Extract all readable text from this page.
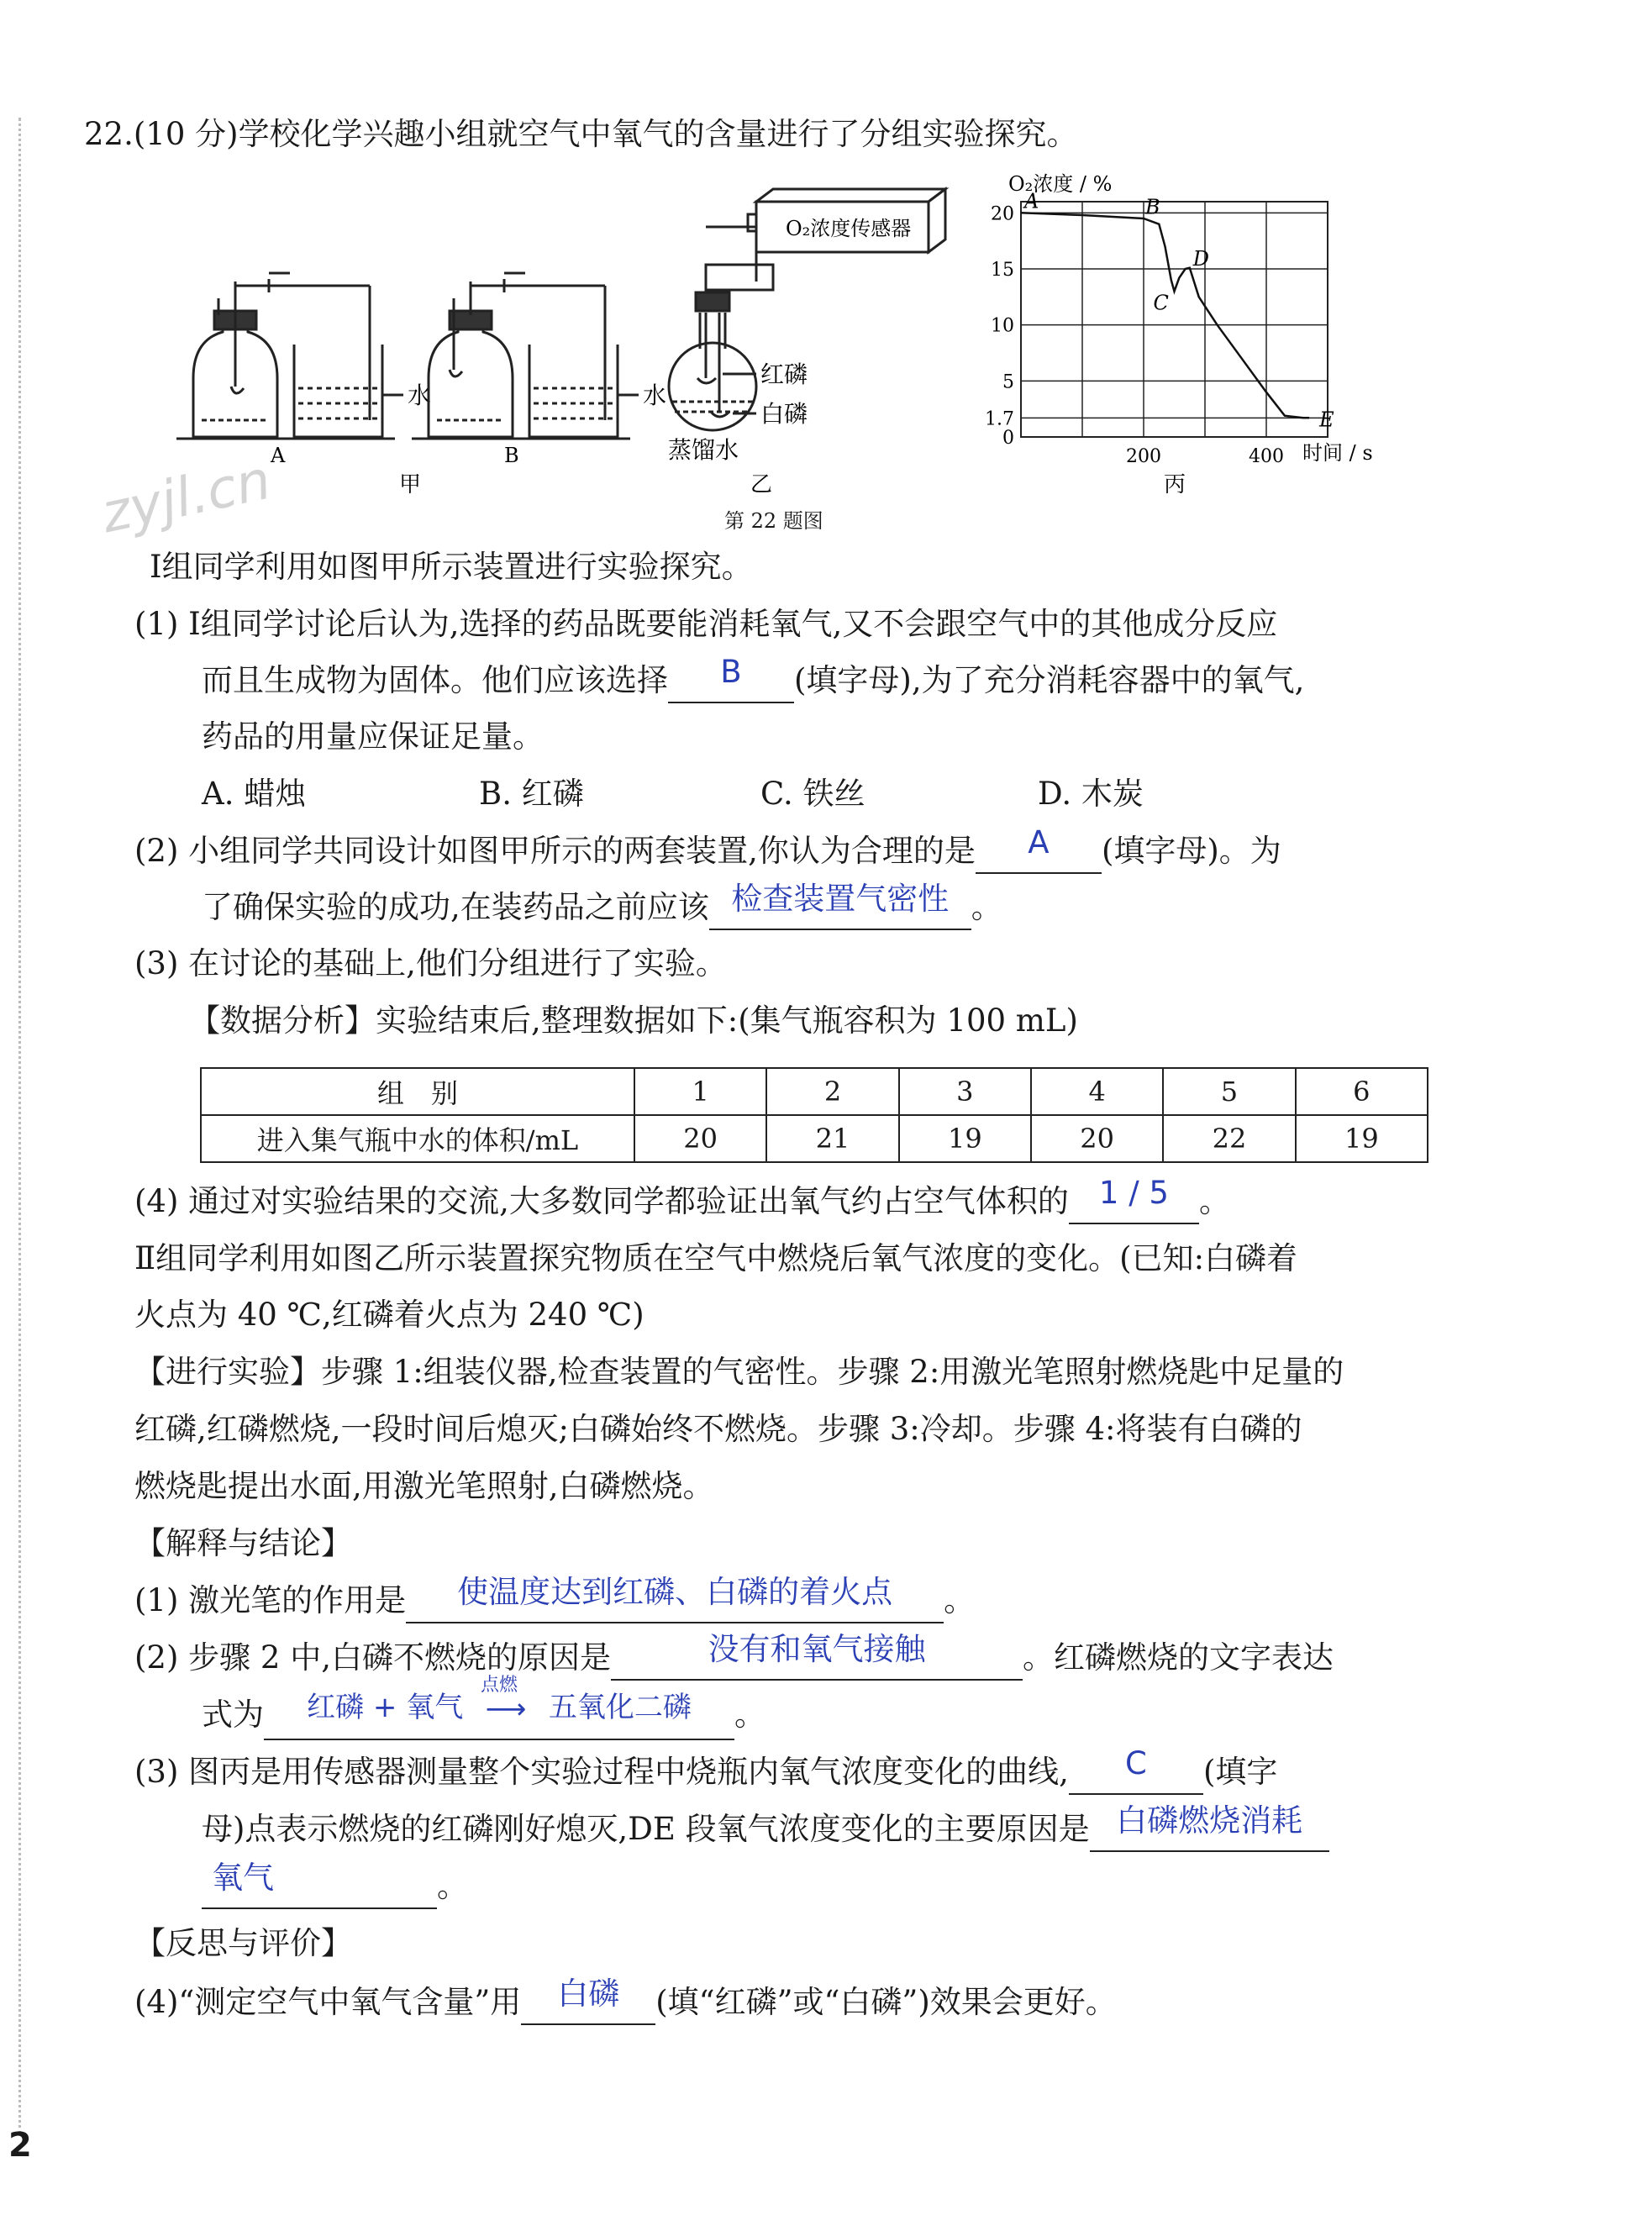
22.(10 分)学校化学兴趣小组就空气中氧气的含量进行了分组实验探究。
水
A
水
B
甲
O₂浓度传感器
红磷
白磷
蒸馏水
乙
zyjl.cn
O₂浓度 / %
时间 / s
丙
20
15
10
5
1.7
0
200	400
A	B
C
D
E
第 22 题图
Ⅰ组同学利用如图甲所示装置进行实验探究。
(1) Ⅰ组同学讨论后认为,选择的药品既要能消耗氧气,又不会跟空气中的其他成分反应
而且生成物为固体。他们应该选择 B (填字母),为了充分消耗容器中的氧气,
药品的用量应保证足量。
A. 蜡烛	B. 红磷	C. 铁丝	D. 木炭
(2) 小组同学共同设计如图甲所示的两套装置,你认为合理的是 A (填字母)。为
了确保实验的成功,在装药品之前应该 检查装置气密性 。
(3) 在讨论的基础上,他们分组进行了实验。
【数据分析】实验结束后,整理数据如下:(集气瓶容积为 100 mL)
组　别	1	2	3	4	5	6
进入集气瓶中水的体积/mL	20	21	19	20	22	19
(4) 通过对实验结果的交流,大多数同学都验证出氧气约占空气体积的 1 / 5 。
Ⅱ组同学利用如图乙所示装置探究物质在空气中燃烧后氧气浓度的变化。(已知:白磷着
火点为 40 ℃,红磷着火点为 240 ℃)
【进行实验】步骤 1:组装仪器,检查装置的气密性。步骤 2:用激光笔照射燃烧匙中足量的
红磷,红磷燃烧,一段时间后熄灭;白磷始终不燃烧。步骤 3:冷却。步骤 4:将装有白磷的
燃烧匙提出水面,用激光笔照射,白磷燃烧。
【解释与结论】
(1) 激光笔的作用是 使温度达到红磷、白磷的着火点 。
(2) 步骤 2 中,白磷不燃烧的原因是	没有和氧气接触	。红磷燃烧的文字表达
式为 红磷 + 氧气
点燃
⟶ 五氧化二磷 。
(3) 图丙是用传感器测量整个实验过程中烧瓶内氧气浓度变化的曲线, C (填字
母)点表示燃烧的红磷刚好熄灭,DE 段氧气浓度变化的主要原因是 白磷燃烧消耗
氧气	。
【反思与评价】
(4)“测定空气中氧气含量”用 白磷 (填“红磷”或“白磷”)效果会更好。
2
